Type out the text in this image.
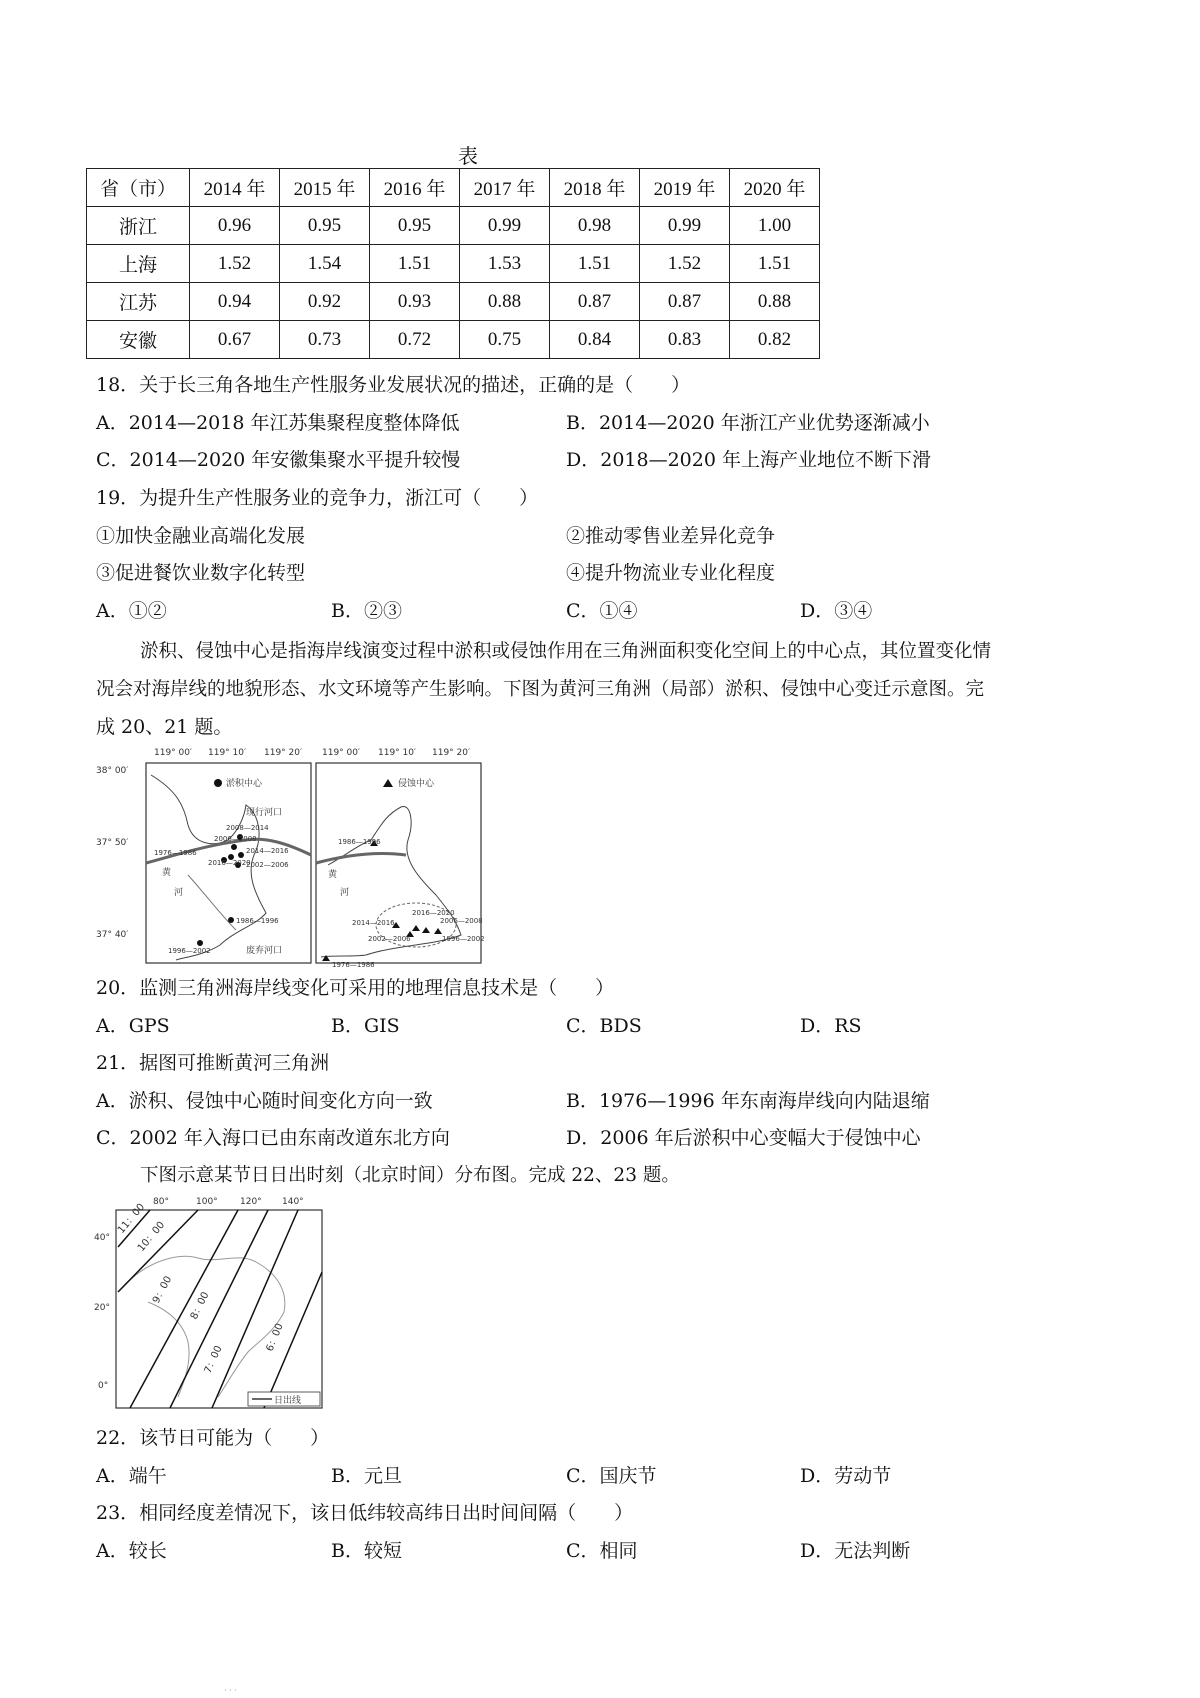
表
省（市）	2014 年	2015 年	2016 年	2017 年	2018 年	2019 年	2020 年
浙江	0.96	0.95	0.95	0.99	0.98	0.99	1.00
上海	1.52	1.54	1.51	1.53	1.51	1.52	1.51
江苏	0.94	0.92	0.93	0.88	0.87	0.87	0.88
安徽	0.67	0.73	0.72	0.75	0.84	0.83	0.82
18．关于长三角各地生产性服务业发展状况的描述，正确的是（　　）
A．2014—2018 年江苏集聚程度整体降低	B．2014—2020 年浙江产业优势逐渐减小
C．2014—2020 年安徽集聚水平提升较慢	D．2018—2020 年上海产业地位不断下滑
19．为提升生产性服务业的竞争力，浙江可（　　）
①加快金融业高端化发展	②推动零售业差异化竞争
③促进餐饮业数字化转型	④提升物流业专业化程度
A．①②	B．②③	C．①④	D．③④
淤积、侵蚀中心是指海岸线演变过程中淤积或侵蚀作用在三角洲面积变化空间上的中心点，其位置变化情
况会对海岸线的地貌形态、水文环境等产生影响。下图为黄河三角洲（局部）淤积、侵蚀中心变迁示意图。完
成 20、21 题。
119° 00′ 119° 10′ 119° 20′
38° 00′
37° 50′
37° 40′
淤积中心
黄
河
现行河口
废弃河口
2008—2014
2006—2008
2016—2020
1976—1986	2014—2016
2002—2006
1986—1996
1996—2002
119° 00′ 119° 10′ 119° 20′
侵蚀中心
黄
河
1986—1996
2016—2020
2014—2016	2006—2008
2002—2006	1996—2002
1976—1986
20．监测三角洲海岸线变化可采用的地理信息技术是（　　）
A．GPS	B．GIS	C．BDS	D．RS
21．据图可推断黄河三角洲
A．淤积、侵蚀中心随时间变化方向一致	B．1976—1996 年东南海岸线向内陆退缩
C．2002 年入海口已由东南改道东北方向	D．2006 年后淤积中心变幅大于侵蚀中心
下图示意某节日日出时刻（北京时间）分布图。完成 22、23 题。
80°	100° 120° 140°
40°
20°
0°
11：00
10：00
9：00
8：00
7：00
6：00
日出线
22．该节日可能为（　　）
A．端午	B．元旦	C．国庆节	D．劳动节
23．相同经度差情况下，该日低纬较高纬日出时间间隔（　　）
A．较长	B．较短	C．相同	D．无法判断
· · ·
